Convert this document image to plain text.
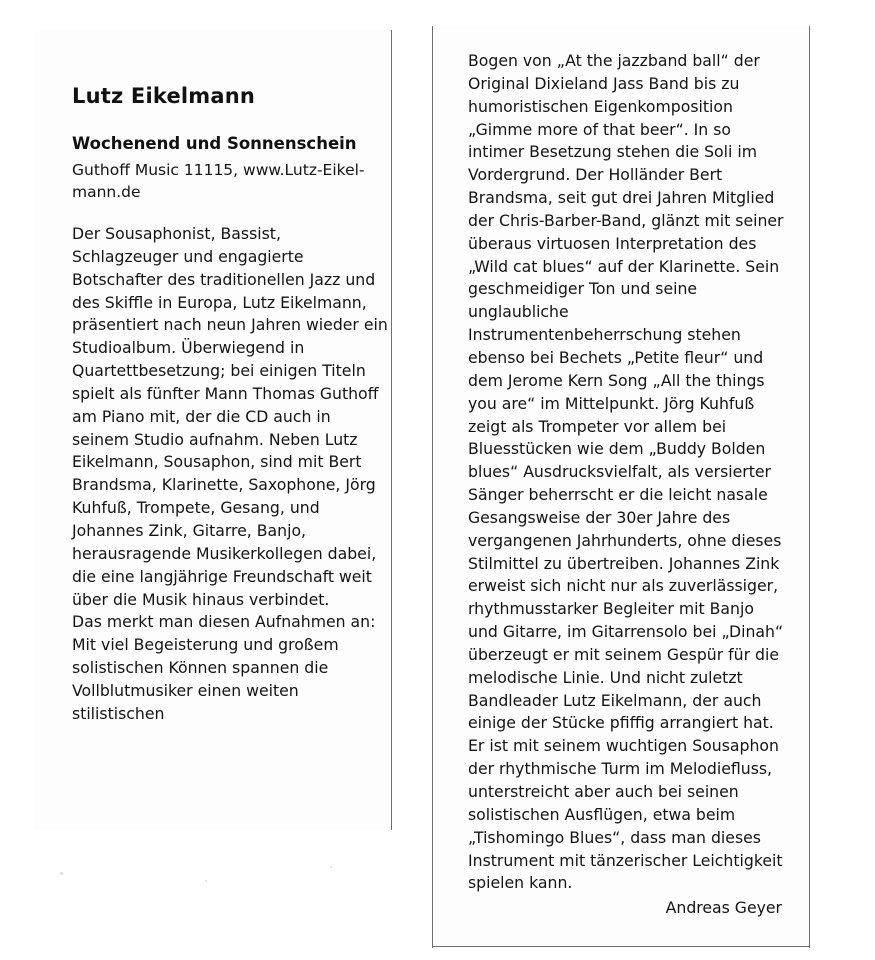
Lutz Eikelmann
Wochenend und Sonnenschein

Guthoff Music 11115, www.Lutz-Eikel-mann.de

Der Sousaphonist, Bassist, Schlagzeuger und engagierte Botschafter des traditionellen Jazz und des Skiffle in Europa, Lutz Eikelmann, präsentiert nach neun Jahren wieder ein Studioalbum. Überwiegend in Quartettbesetzung; bei einigen Titeln spielt als fünfter Mann Thomas Guthoff am Piano mit, der die CD auch in seinem Studio aufnahm. Neben Lutz Eikelmann, Sousaphon, sind mit Bert Brandsma, Klarinette, Saxophone, Jörg Kuhfuß, Trompete, Gesang, und Johannes Zink, Gitarre, Banjo, herausragende Musikerkollegen dabei, die eine langjährige Freundschaft weit über die Musik hinaus verbindet.

Das merkt man diesen Aufnahmen an: Mit viel Begeisterung und großem solistischen Können spannen die Vollblutmusiker einen weiten stilistischen

Bogen von „At the jazzband ball“ der Original Dixieland Jass Band bis zu humoristischen Eigenkomposition „Gimme more of that beer“. In so intimer Besetzung stehen die Soli im Vordergrund. Der Holländer Bert Brandsma, seit gut drei Jahren Mitglied der Chris-Barber-Band, glänzt mit seiner überaus virtuosen Interpretation des „Wild cat blues“ auf der Klarinette. Sein geschmeidiger Ton und seine unglaubliche Instrumentenbeherrschung stehen ebenso bei Bechets „Petite fleur“ und dem Jerome Kern Song „All the things you are“ im Mittelpunkt. Jörg Kuhfuß zeigt als Trompeter vor allem bei Bluesstücken wie dem „Buddy Bolden blues“ Ausdrucksvielfalt, als versierter Sänger beherrscht er die leicht nasale Gesangsweise der 30er Jahre des vergangenen Jahrhunderts, ohne dieses Stilmittel zu übertreiben. Johannes Zink erweist sich nicht nur als zuverlässiger, rhythmusstarker Begleiter mit Banjo und Gitarre, im Gitarrensolo bei „Dinah“ überzeugt er mit seinem Gespür für die melodische Linie. Und nicht zuletzt Bandleader Lutz Eikelmann, der auch einige der Stücke pfiffig arrangiert hat. Er ist mit seinem wuchtigen Sousaphon der rhythmische Turm im Melodiefluss, unterstreicht aber auch bei seinen solistischen Ausflügen, etwa beim „Tishomingo Blues“, dass man dieses Instrument mit tänzerischer Leichtigkeit spielen kann.

Andreas Geyer
